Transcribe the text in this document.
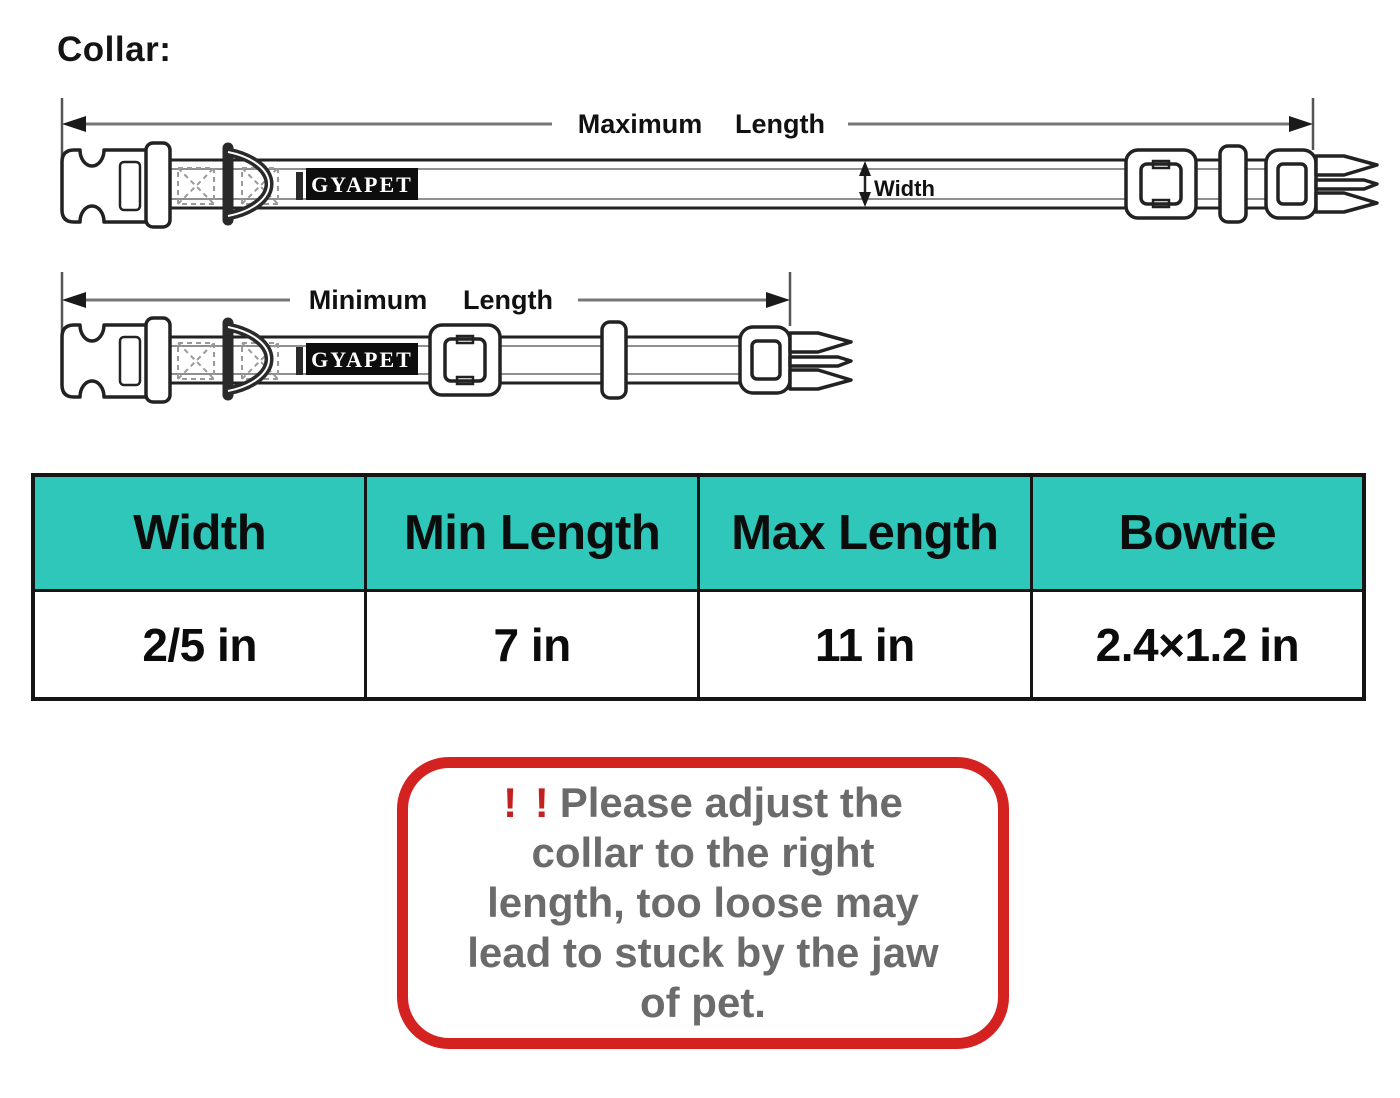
Collar:
Maximum Length
GYAPET	Width
Minimum Length
GYAPET
Width	Min Length	Max Length	Bowtie
2/5 in	7 in	11 in	2.4×1.2 in
! ! Please adjust the
collar to the right
length, too loose may
lead to stuck by the jaw
of pet.
